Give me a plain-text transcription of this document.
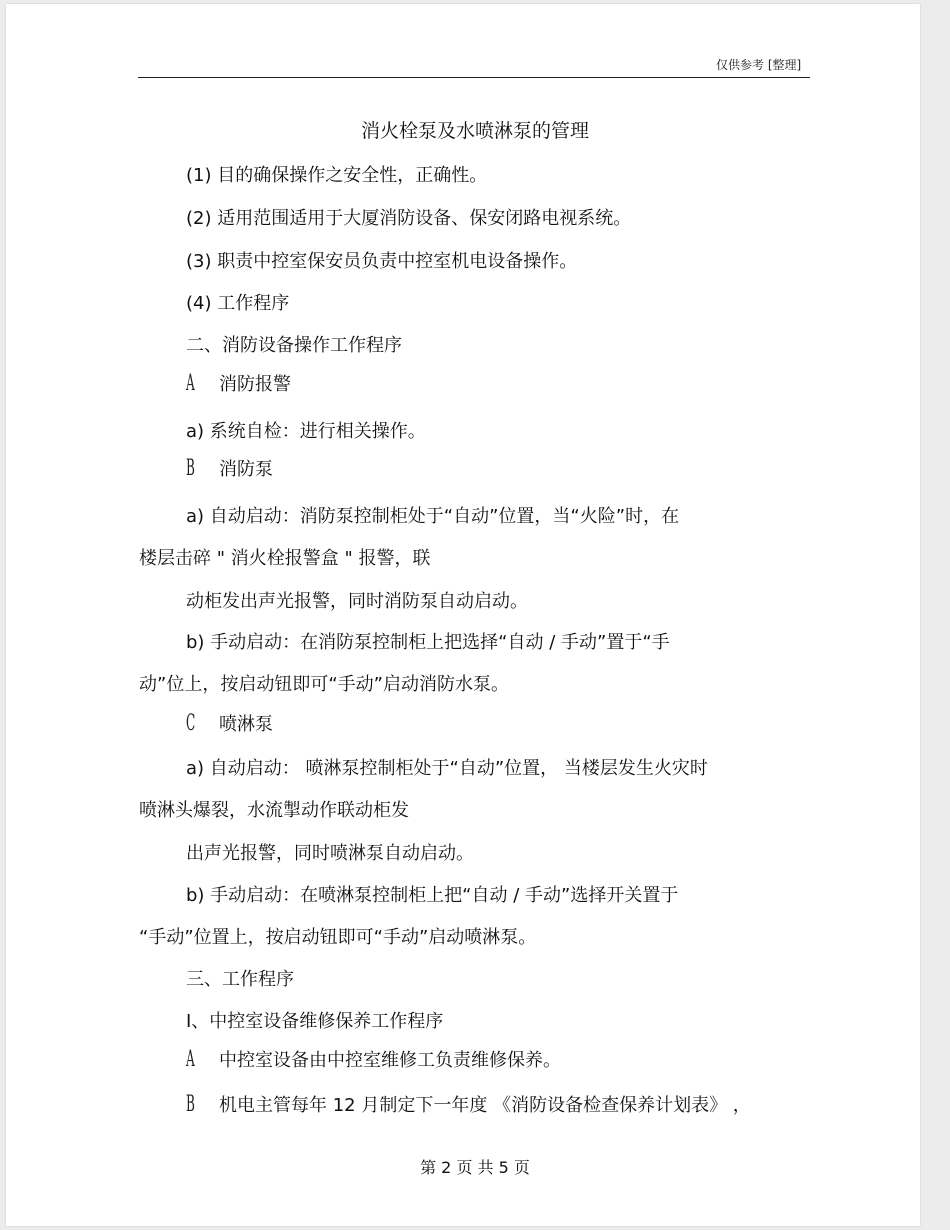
仅供参考 [整理]
消火栓泵及水喷淋泵的管理
(1) 目的确保操作之安全性，正确性。
(2) 适用范围适用于大厦消防设备、保安闭路电视系统。
(3) 职责中控室保安员负责中控室机电设备操作。
(4) 工作程序
二、消防设备操作工作程序
A 消防报警
a) 系统自检：进行相关操作。
B 消防泵
a) 自动启动：消防泵控制柜处于“自动”位置，当“火险”时，在
楼层击碎 " 消火栓报警盒 " 报警，联
动柜发出声光报警，同时消防泵自动启动。
b) 手动启动：在消防泵控制柜上把选择“自动 / 手动”置于“手
动”位上，按启动钮即可“手动”启动消防水泵。
C 喷淋泵
a) 自动启动： 喷淋泵控制柜处于“自动”位置， 当楼层发生火灾时
喷淋头爆裂，水流掣动作联动柜发
出声光报警，同时喷淋泵自动启动。
b) 手动启动：在喷淋泵控制柜上把“自动 / 手动”选择开关置于
“手动”位置上，按启动钮即可“手动”启动喷淋泵。
三、工作程序
I、中控室设备维修保养工作程序
A 中控室设备由中控室维修工负责维修保养。
B 机电主管每年 12 月制定下一年度 《消防设备检查保养计划表》 ，
第 2 页 共 5 页
